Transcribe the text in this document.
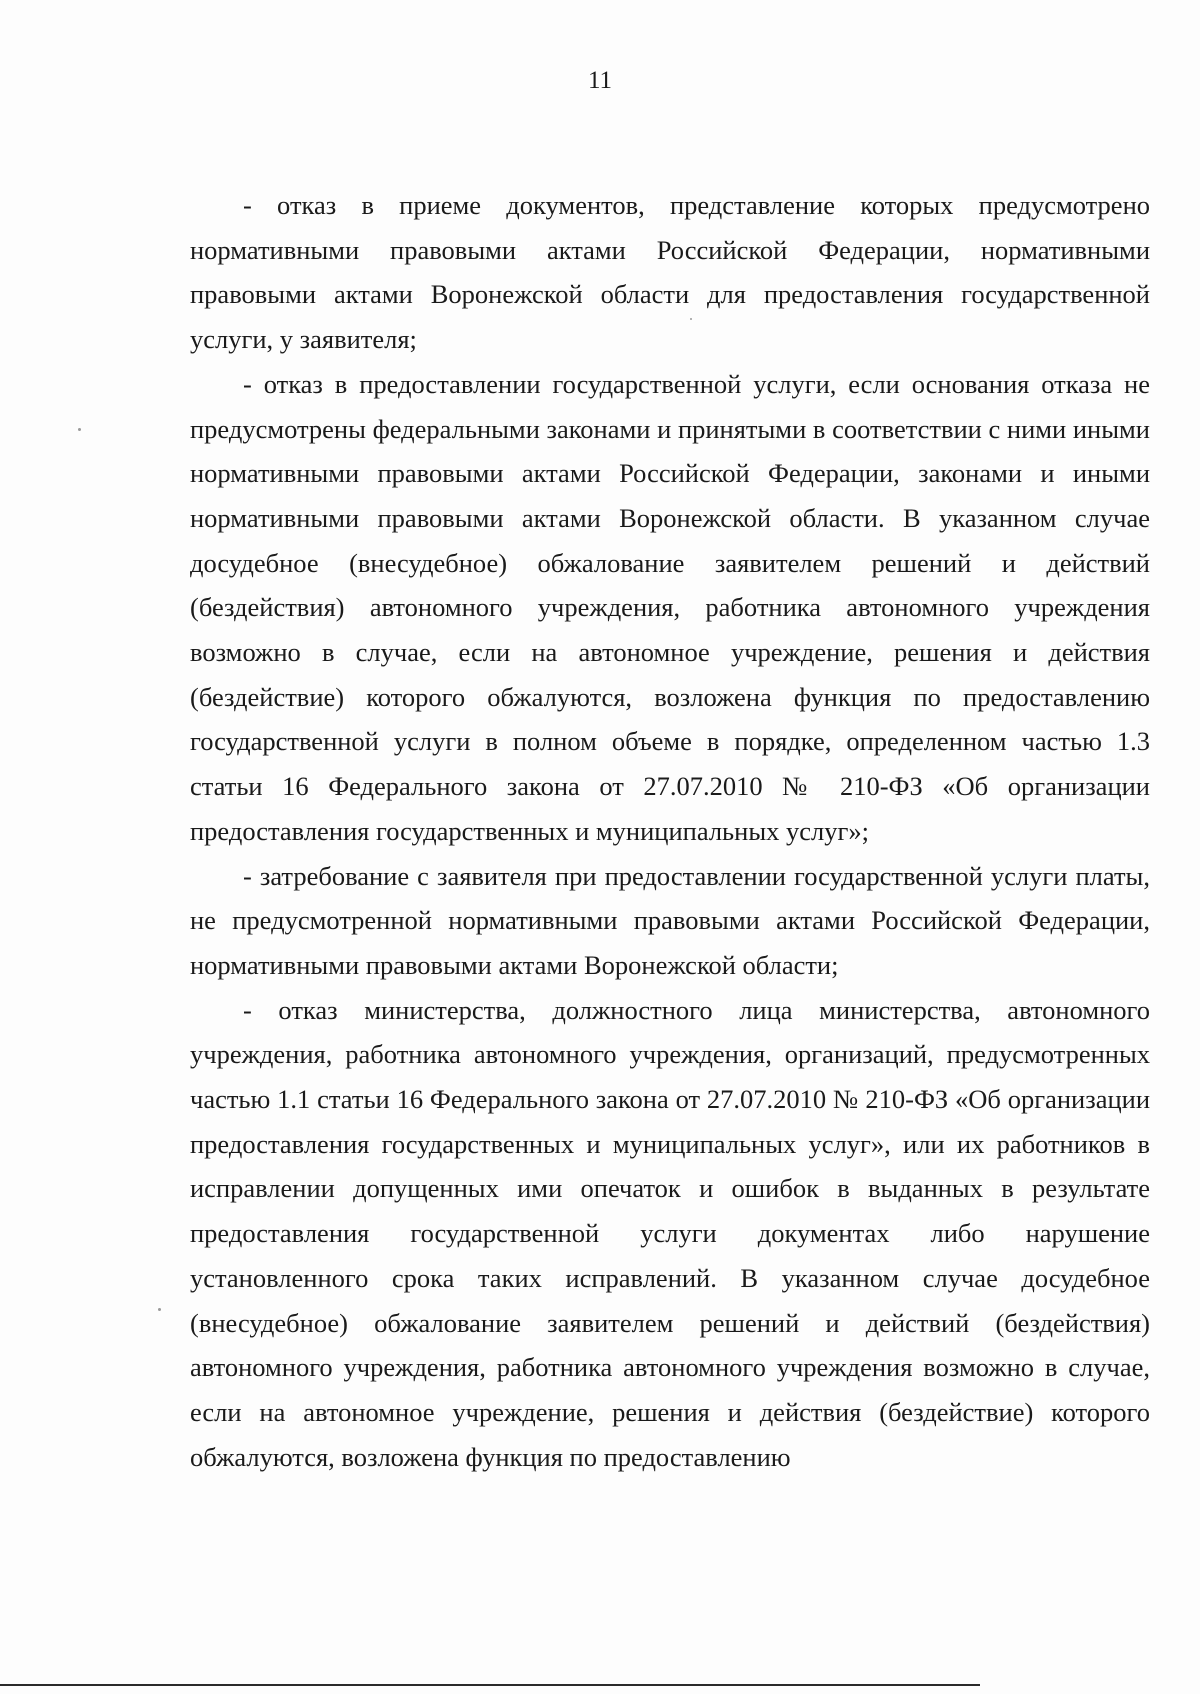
11

- отказ в приеме документов, представление которых предусмотрено нормативными правовыми актами Российской Федерации, нормативными правовыми актами Воронежской области для предоставления государственной услуги, у заявителя;

- отказ в предоставлении государственной услуги, если основания отказа не предусмотрены федеральными законами и принятыми в соответствии с ними иными нормативными правовыми актами Российской Федерации, законами и иными нормативными правовыми актами Воронежской области. В указанном случае досудебное (внесудебное) обжалование заявителем решений и действий (бездействия) автономного учреждения, работника автономного учреждения возможно в случае, если на автономное учреждение, решения и действия (бездействие) которого обжалуются, возложена функция по предоставлению государственной услуги в полном объеме в порядке, определенном частью 1.3 статьи 16 Федерального закона от 27.07.2010 № 210-ФЗ «Об организации предоставления государственных и муниципальных услуг»;

- затребование с заявителя при предоставлении государственной услуги платы, не предусмотренной нормативными правовыми актами Российской Федерации, нормативными правовыми актами Воронежской области;

- отказ министерства, должностного лица министерства, автономного учреждения, работника автономного учреждения, организаций, предусмотренных частью 1.1 статьи 16 Федерального закона от 27.07.2010 № 210-ФЗ «Об организации предоставления государственных и муниципальных услуг», или их работников в исправлении допущенных ими опечаток и ошибок в выданных в результате предоставления государственной услуги документах либо нарушение установленного срока таких исправлений. В указанном случае досудебное (внесудебное) обжалование заявителем решений и действий (бездействия) автономного учреждения, работника автономного учреждения возможно в случае, если на автономное учреждение, решения и действия (бездействие) которого обжалуются, возложена функция по предоставлению
